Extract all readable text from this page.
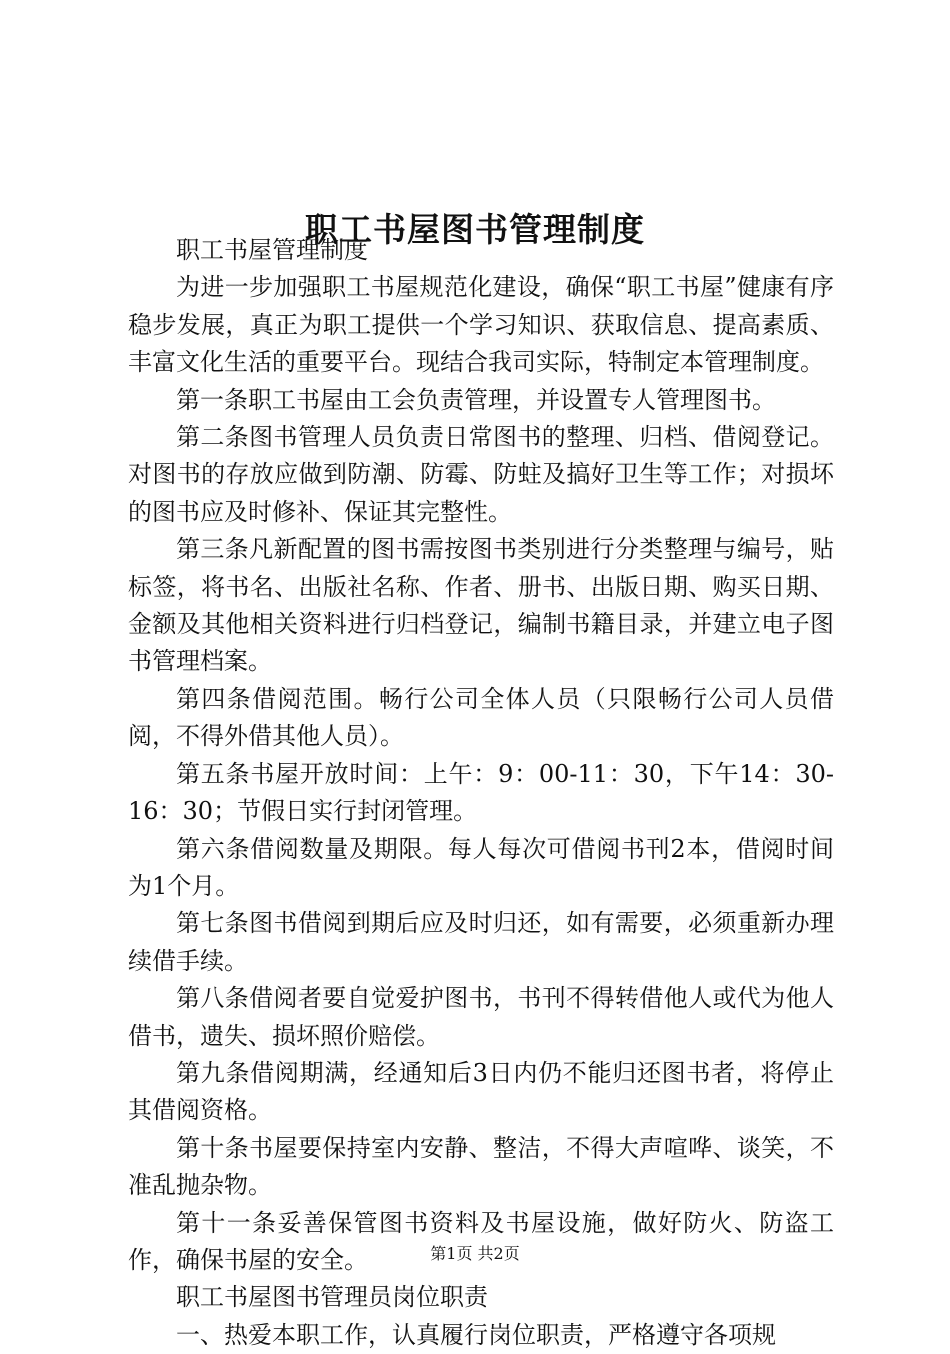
职工书屋图书管理制度

职工书屋管理制度

为进一步加强职工书屋规范化建设，确保“职工书屋”健康有序稳步发展，真正为职工提供一个学习知识、获取信息、提高素质、丰富文化生活的重要平台。现结合我司实际，特制定本管理制度。

第一条职工书屋由工会负责管理，并设置专人管理图书。

第二条图书管理人员负责日常图书的整理、归档、借阅登记。对图书的存放应做到防潮、防霉、防蛀及搞好卫生等工作；对损坏的图书应及时修补、保证其完整性。

第三条凡新配置的图书需按图书类别进行分类整理与编号，贴标签，将书名、出版社名称、作者、册书、出版日期、购买日期、金额及其他相关资料进行归档登记，编制书籍目录，并建立电子图书管理档案。

第四条借阅范围。畅行公司全体人员（只限畅行公司人员借阅，不得外借其他人员）。

第五条书屋开放时间：上午：9：00-11：30，下午14：30-16：30；节假日实行封闭管理。

第六条借阅数量及期限。每人每次可借阅书刊2本，借阅时间为1个月。

第七条图书借阅到期后应及时归还，如有需要，必须重新办理续借手续。

第八条借阅者要自觉爱护图书，书刊不得转借他人或代为他人借书，遗失、损坏照价赔偿。

第九条借阅期满，经通知后3日内仍不能归还图书者，将停止其借阅资格。

第十条书屋要保持室内安静、整洁，不得大声喧哗、谈笑，不准乱抛杂物。

第十一条妥善保管图书资料及书屋设施，做好防火、防盗工作，确保书屋的安全。

职工书屋图书管理员岗位职责

一、热爱本职工作，认真履行岗位职责，严格遵守各项规

第1页 共2页
